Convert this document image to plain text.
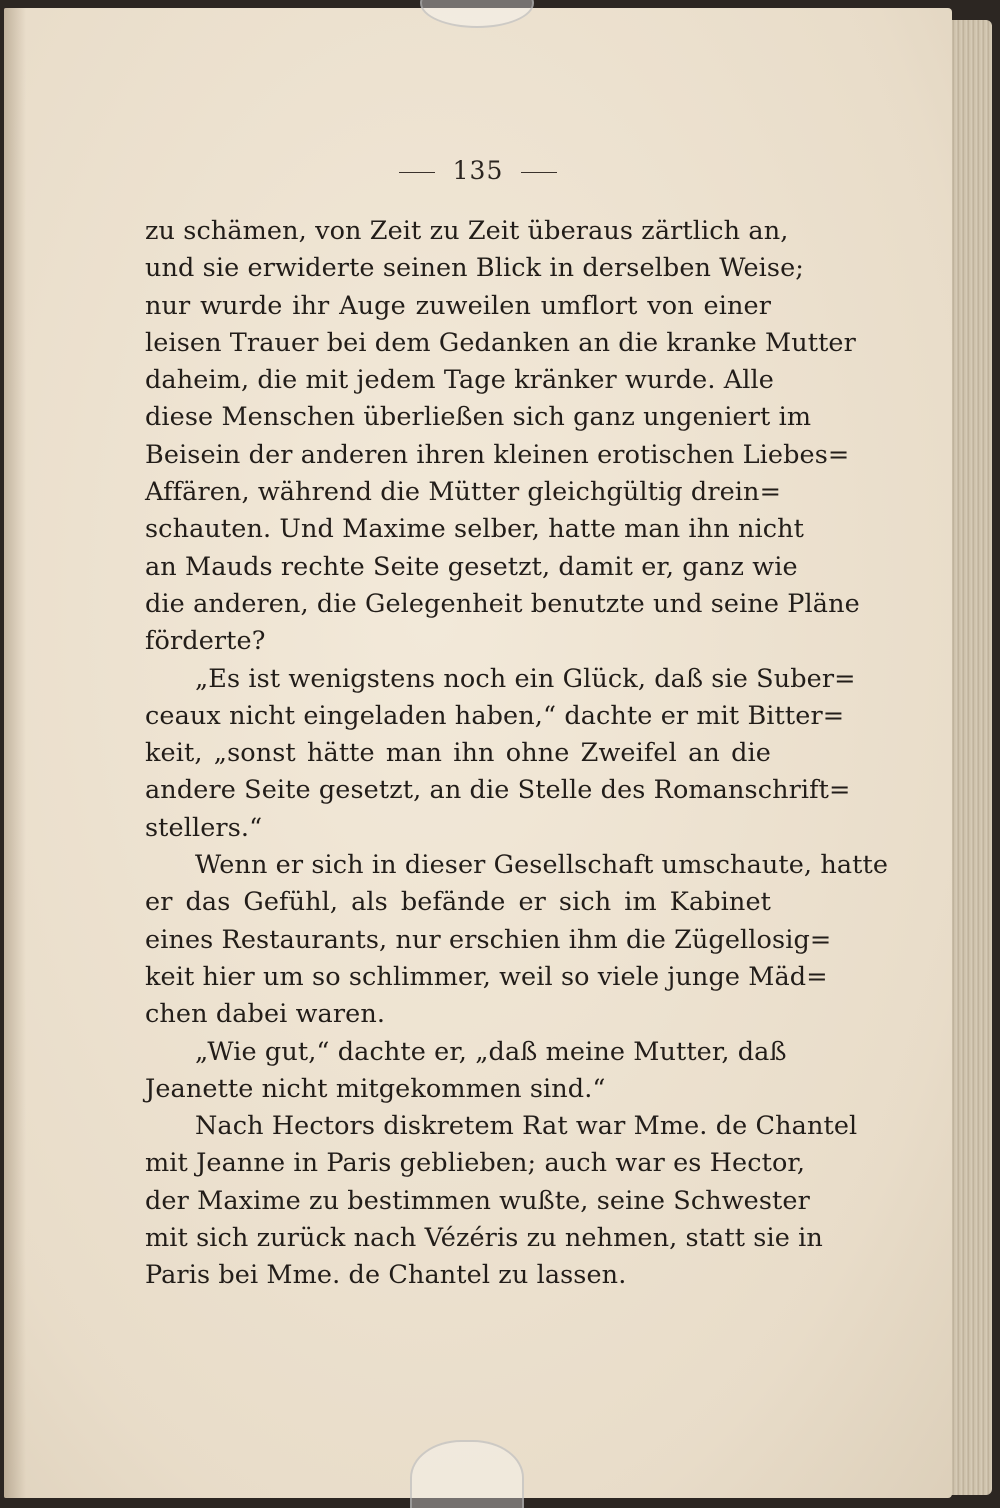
135
zu schämen, von Zeit zu Zeit überaus zärtlich an,
und sie erwiderte seinen Blick in derselben Weise;
nur wurde ihr Auge zuweilen umflort von einer
leisen Trauer bei dem Gedanken an die kranke Mutter
daheim, die mit jedem Tage kränker wurde. Alle
diese Menschen überließen sich ganz ungeniert im
Beisein der anderen ihren kleinen erotischen Liebes=
Affären, während die Mütter gleichgültig drein=
schauten. Und Maxime selber, hatte man ihn nicht
an Mauds rechte Seite gesetzt, damit er, ganz wie
die anderen, die Gelegenheit benutzte und seine Pläne
förderte?
„Es ist wenigstens noch ein Glück, daß sie Suber=
ceaux nicht eingeladen haben,“ dachte er mit Bitter=
keit, „sonst hätte man ihn ohne Zweifel an die
andere Seite gesetzt, an die Stelle des Romanschrift=
stellers.“
Wenn er sich in dieser Gesellschaft umschaute, hatte
er das Gefühl, als befände er sich im Kabinet
eines Restaurants, nur erschien ihm die Zügellosig=
keit hier um so schlimmer, weil so viele junge Mäd=
chen dabei waren.
„Wie gut,“ dachte er, „daß meine Mutter, daß
Jeanette nicht mitgekommen sind.“
Nach Hectors diskretem Rat war Mme. de Chantel
mit Jeanne in Paris geblieben; auch war es Hector,
der Maxime zu bestimmen wußte, seine Schwester
mit sich zurück nach Vézéris zu nehmen, statt sie in
Paris bei Mme. de Chantel zu lassen.
